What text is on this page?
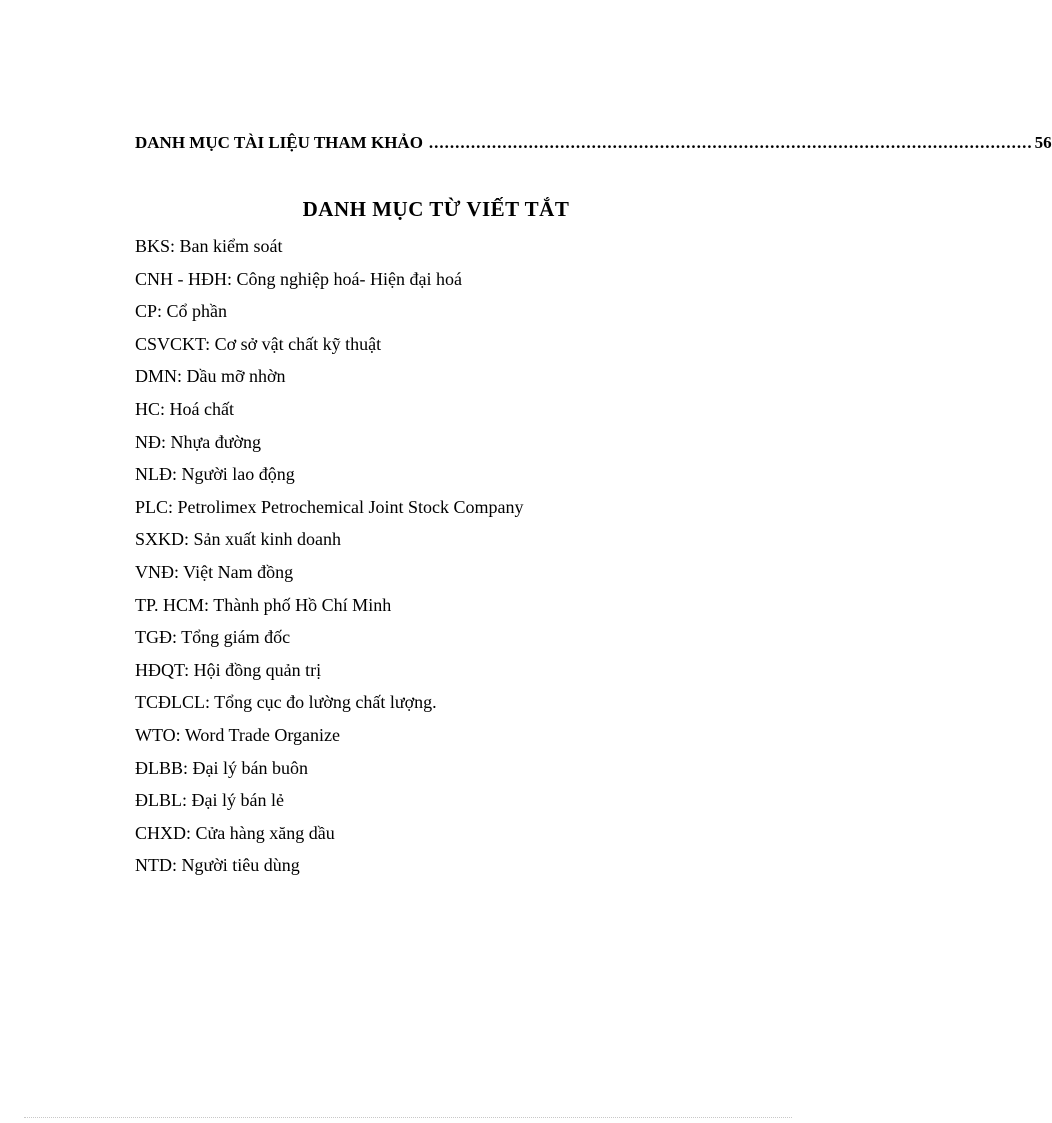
DANH MỤC TÀI LIỆU THAM KHẢO ................................................................................................................... 56
DANH MỤC TỪ VIẾT TẮT
BKS: Ban kiểm soát
CNH - HĐH: Công nghiệp hoá- Hiện đại hoá
CP: Cổ phần
CSVCKT: Cơ sở vật chất kỹ thuật
DMN: Dầu mỡ nhờn
HC: Hoá chất
NĐ: Nhựa đường
NLĐ: Người lao động
PLC: Petrolimex Petrochemical Joint Stock Company
SXKD: Sản xuất kinh doanh
VNĐ: Việt Nam đồng
TP. HCM: Thành phố Hồ Chí Minh
TGĐ: Tổng giám đốc
HĐQT: Hội đồng quản trị
TCĐLCL: Tổng cục đo lường chất lượng.
WTO: Word Trade Organize
ĐLBB: Đại lý bán buôn
ĐLBL: Đại lý bán lẻ
CHXD: Cửa hàng xăng dầu
NTD: Người tiêu dùng
